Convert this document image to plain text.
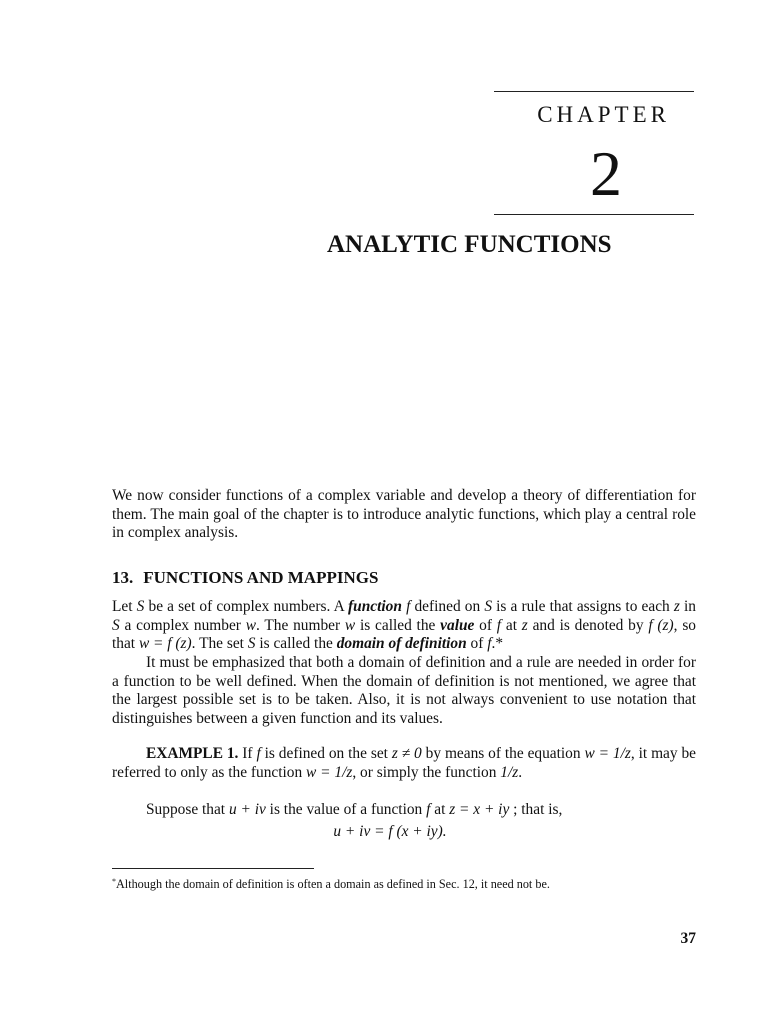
CHAPTER
2
ANALYTIC FUNCTIONS

We now consider functions of a complex variable and develop a theory of differentiation for them. The main goal of the chapter is to introduce analytic functions, which play a central role in complex analysis.

13. FUNCTIONS AND MAPPINGS

Let S be a set of complex numbers. A function f defined on S is a rule that assigns to each z in S a complex number w. The number w is called the value of f at z and is denoted by f (z), so that w = f (z). The set S is called the domain of definition of f.*

It must be emphasized that both a domain of definition and a rule are needed in order for a function to be well defined. When the domain of definition is not mentioned, we agree that the largest possible set is to be taken. Also, it is not always convenient to use notation that distinguishes between a given function and its values.

EXAMPLE 1. If f is defined on the set z ≠ 0 by means of the equation w = 1/z, it may be referred to only as the function w = 1/z, or simply the function 1/z.

Suppose that u + iv is the value of a function f at z = x + iy ; that is,

u + iv = f (x + iy).

*Although the domain of definition is often a domain as defined in Sec. 12, it need not be.

37
